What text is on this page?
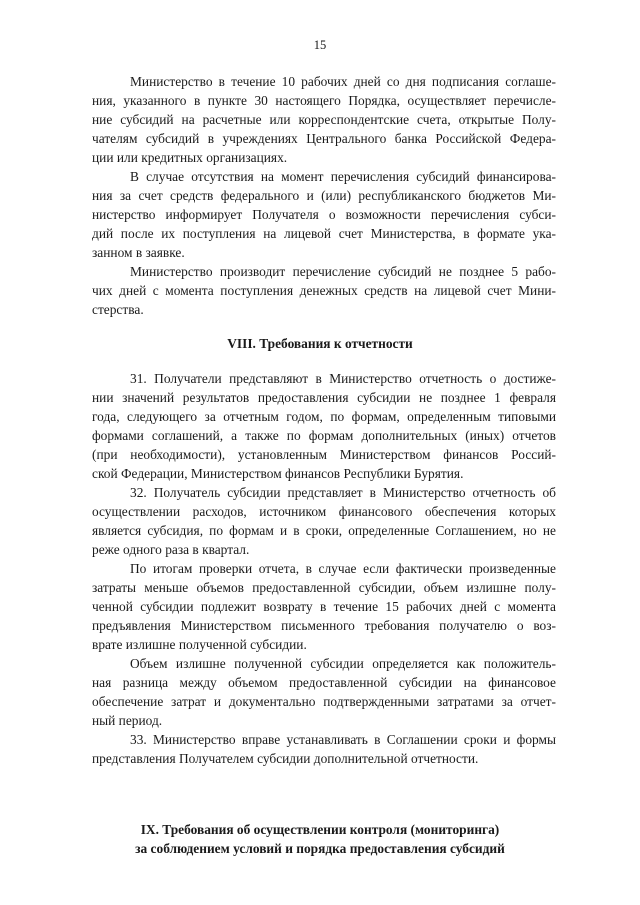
15
Министерство в течение 10 рабочих дней со дня подписания соглаше-
ния, указанного в пункте 30 настоящего Порядка, осуществляет перечисле-
ние субсидий на расчетные или корреспондентские счета, открытые Полу-
чателям субсидий в учреждениях Центрального банка Российской Федера-
ции или кредитных организациях.
В случае отсутствия на момент перечисления субсидий финансирова-
ния за счет средств федерального и (или) республиканского бюджетов Ми-
нистерство информирует Получателя о возможности перечисления субси-
дий после их поступления на лицевой счет Министерства, в формате ука-
занном в заявке.
Министерство производит перечисление субсидий не позднее 5 рабо-
чих дней с момента поступления денежных средств на лицевой счет Мини-
стерства.
VIII. Требования к отчетности
31. Получатели представляют в Министерство отчетность о достиже-
нии значений результатов предоставления субсидии не позднее 1 февраля
года, следующего за отчетным годом, по формам, определенным типовыми
формами соглашений, а также по формам дополнительных (иных) отчетов
(при необходимости), установленным Министерством финансов Россий-
ской Федерации, Министерством финансов Республики Бурятия.
32. Получатель субсидии представляет в Министерство отчетность об
осуществлении расходов, источником финансового обеспечения которых
является субсидия, по формам и в сроки, определенные Соглашением, но не
реже одного раза в квартал.
По итогам проверки отчета, в случае если фактически произведенные
затраты меньше объемов предоставленной субсидии, объем излишне полу-
ченной субсидии подлежит возврату в течение 15 рабочих дней с момента
предъявления Министерством письменного требования получателю о воз-
врате излишне полученной субсидии.
Объем излишне полученной субсидии определяется как положитель-
ная разница между объемом предоставленной субсидии на финансовое
обеспечение затрат и документально подтвержденными затратами за отчет-
ный период.
33. Министерство вправе устанавливать в Соглашении сроки и формы
представления Получателем субсидии дополнительной отчетности.
IX. Требования об осуществлении контроля (мониторинга)
за соблюдением условий и порядка предоставления субсидий
